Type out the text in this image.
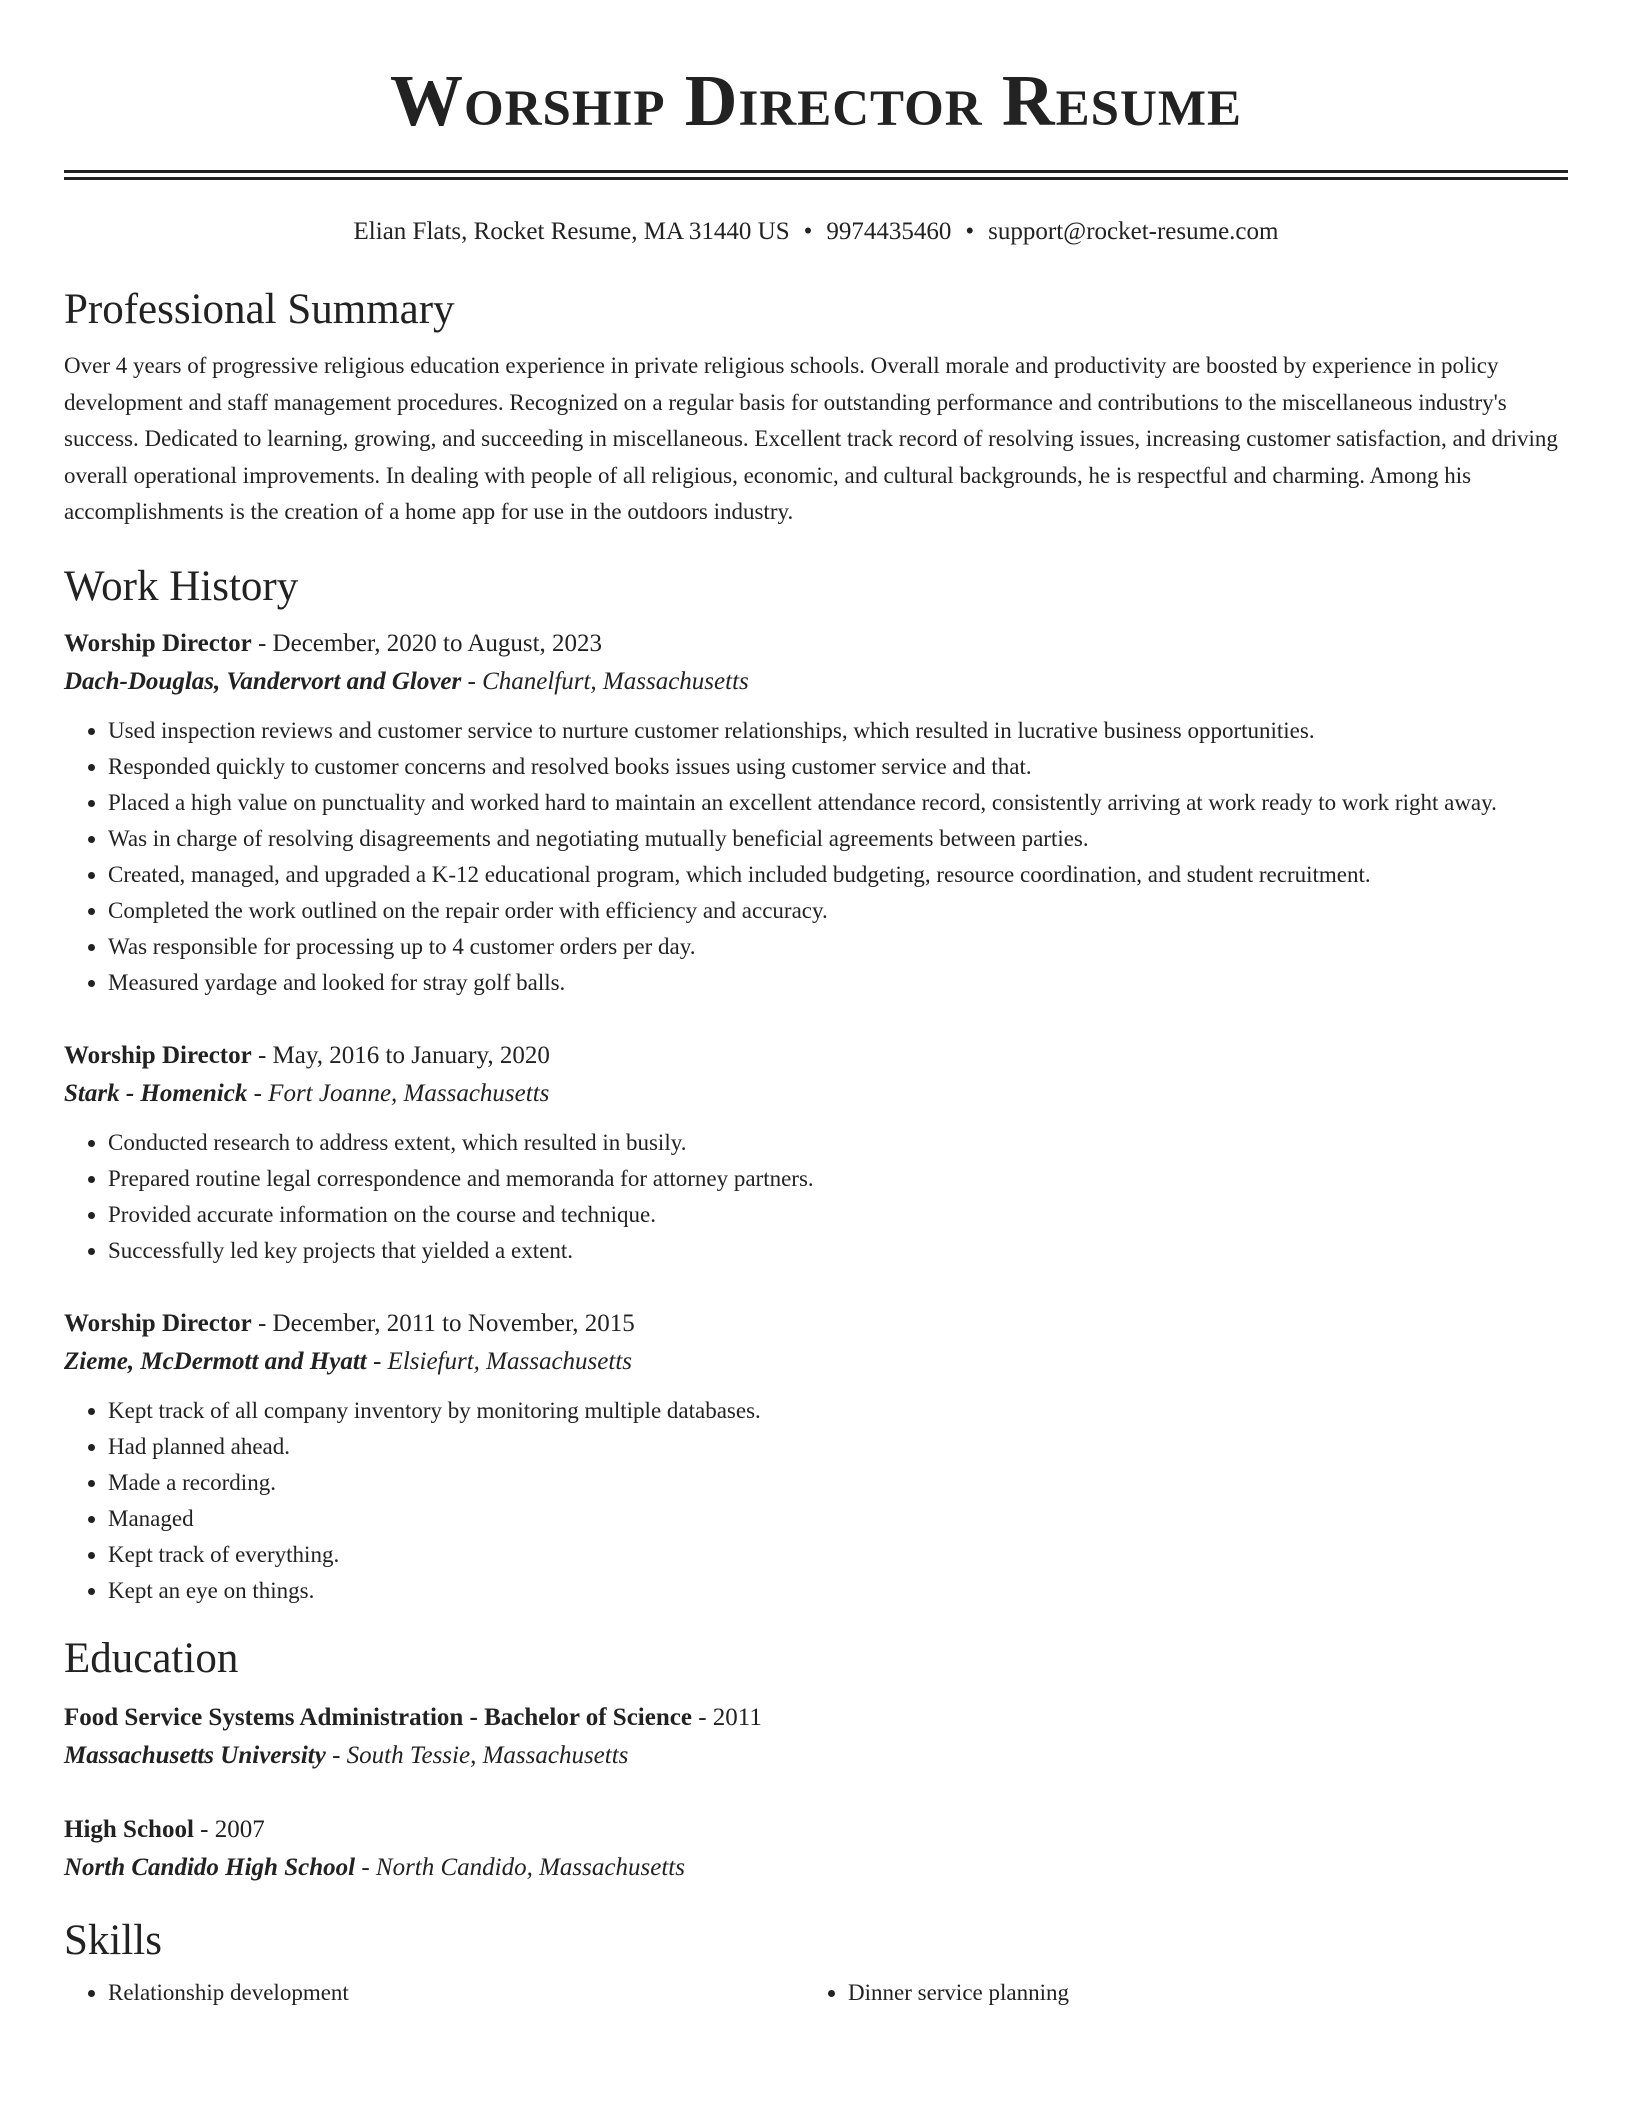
Worship Director Resume
Elian Flats, Rocket Resume, MA 31440 US • 9974435460 • support@rocket-resume.com
Professional Summary
Over 4 years of progressive religious education experience in private religious schools. Overall morale and productivity are boosted by experience in policy development and staff management procedures. Recognized on a regular basis for outstanding performance and contributions to the miscellaneous industry's success. Dedicated to learning, growing, and succeeding in miscellaneous. Excellent track record of resolving issues, increasing customer satisfaction, and driving overall operational improvements. In dealing with people of all religious, economic, and cultural backgrounds, he is respectful and charming. Among his accomplishments is the creation of a home app for use in the outdoors industry.
Work History
Worship Director - December, 2020 to August, 2023
Dach-Douglas, Vandervort and Glover - Chanelfurt, Massachusetts
• Used inspection reviews and customer service to nurture customer relationships, which resulted in lucrative business opportunities.
• Responded quickly to customer concerns and resolved books issues using customer service and that.
• Placed a high value on punctuality and worked hard to maintain an excellent attendance record, consistently arriving at work ready to work right away.
• Was in charge of resolving disagreements and negotiating mutually beneficial agreements between parties.
• Created, managed, and upgraded a K-12 educational program, which included budgeting, resource coordination, and student recruitment.
• Completed the work outlined on the repair order with efficiency and accuracy.
• Was responsible for processing up to 4 customer orders per day.
• Measured yardage and looked for stray golf balls.
Worship Director - May, 2016 to January, 2020
Stark - Homenick - Fort Joanne, Massachusetts
• Conducted research to address extent, which resulted in busily.
• Prepared routine legal correspondence and memoranda for attorney partners.
• Provided accurate information on the course and technique.
• Successfully led key projects that yielded a extent.
Worship Director - December, 2011 to November, 2015
Zieme, McDermott and Hyatt - Elsiefurt, Massachusetts
• Kept track of all company inventory by monitoring multiple databases.
• Had planned ahead.
• Made a recording.
• Managed
• Kept track of everything.
• Kept an eye on things.
Education
Food Service Systems Administration - Bachelor of Science - 2011
Massachusetts University - South Tessie, Massachusetts
High School - 2007
North Candido High School - North Candido, Massachusetts
Skills
• Relationship development
•	Dinner service planning
